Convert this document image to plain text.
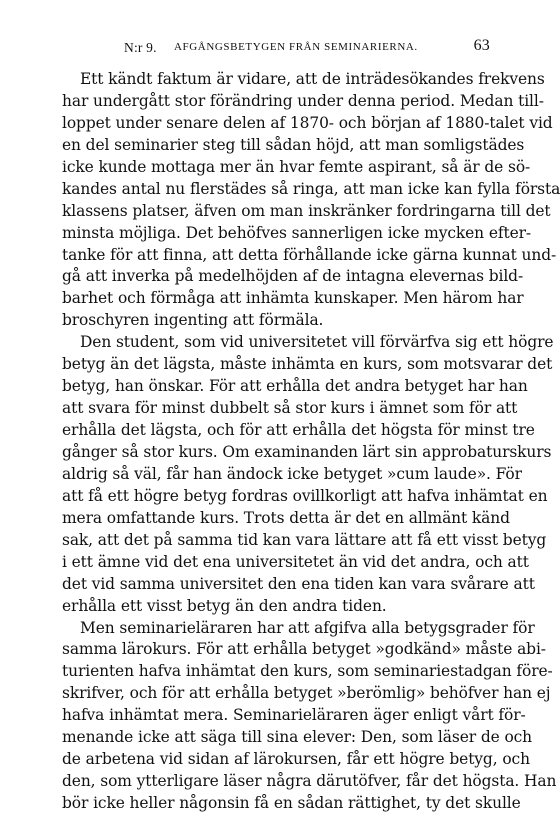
N:r 9. AFGÅNGSBETYGEN FRÅN SEMINARIERNA.	63
Ett kändt faktum är vidare, att de inträdesökandes frekvens
har undergått stor förändring under denna period. Medan till-
loppet under senare delen af 1870- och början af 1880-talet vid
en del seminarier steg till sådan höjd, att man somligstädes
icke kunde mottaga mer än hvar femte aspirant, så är de sö-
kandes antal nu flerstädes så ringa, att man icke kan fylla första
klassens platser, äfven om man inskränker fordringarna till det
minsta möjliga. Det behöfves sannerligen icke mycken efter-
tanke för att finna, att detta förhållande icke gärna kunnat und-
gå att inverka på medelhöjden af de intagna elevernas bild-
barhet och förmåga att inhämta kunskaper. Men härom har
broschyren ingenting att förmäla.
Den student, som vid universitetet vill förvärfva sig ett högre
betyg än det lägsta, måste inhämta en kurs, som motsvarar det
betyg, han önskar. För att erhålla det andra betyget har han
att svara för minst dubbelt så stor kurs i ämnet som för att
erhålla det lägsta, och för att erhålla det högsta för minst tre
gånger så stor kurs. Om examinanden lärt sin approbaturskurs
aldrig så väl, får han ändock icke betyget »cum laude». För
att få ett högre betyg fordras ovillkorligt att hafva inhämtat en
mera omfattande kurs. Trots detta är det en allmänt känd
sak, att det på samma tid kan vara lättare att få ett visst betyg
i ett ämne vid det ena universitetet än vid det andra, och att
det vid samma universitet den ena tiden kan vara svårare att
erhålla ett visst betyg än den andra tiden.
Men seminarieläraren har att afgifva alla betygsgrader för
samma lärokurs. För att erhålla betyget »godkänd» måste abi-
turienten hafva inhämtat den kurs, som seminariestadgan före-
skrifver, och för att erhålla betyget »berömlig» behöfver han ej
hafva inhämtat mera. Seminarieläraren äger enligt vårt för-
menande icke att säga till sina elever: Den, som läser de och
de arbetena vid sidan af lärokursen, får ett högre betyg, och
den, som ytterligare läser några därutöfver, får det högsta. Han
bör icke heller någonsin få en sådan rättighet, ty det skulle
